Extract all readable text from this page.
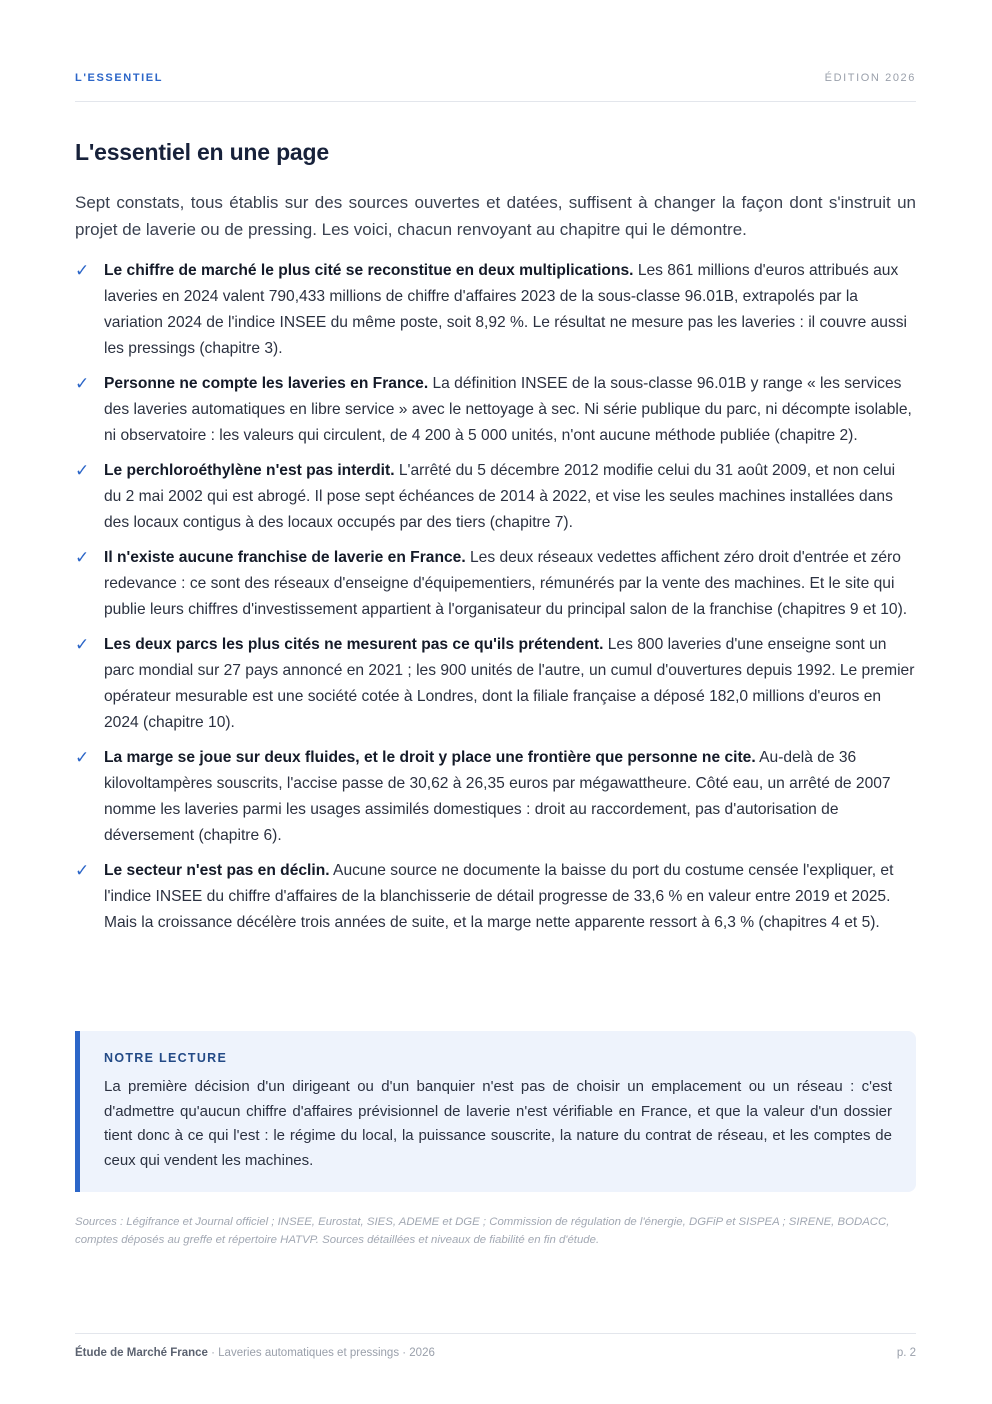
L'ESSENTIEL	ÉDITION 2026
L'essentiel en une page

Sept constats, tous établis sur des sources ouvertes et datées, suffisent à changer la façon dont s'instruit un projet de laverie ou de pressing. Les voici, chacun renvoyant au chapitre qui le démontre.

✓ Le chiffre de marché le plus cité se reconstitue en deux multiplications. Les 861 millions d'euros attribués aux laveries en 2024 valent 790,433 millions de chiffre d'affaires 2023 de la sous-classe 96.01B, extrapolés par la variation 2024 de l'indice INSEE du même poste, soit 8,92 %. Le résultat ne mesure pas les laveries : il couvre aussi les pressings (chapitre 3).

✓ Personne ne compte les laveries en France. La définition INSEE de la sous-classe 96.01B y range « les services des laveries automatiques en libre service » avec le nettoyage à sec. Ni série publique du parc, ni décompte isolable, ni observatoire : les valeurs qui circulent, de 4 200 à 5 000 unités, n'ont aucune méthode publiée (chapitre 2).

✓ Le perchloroéthylène n'est pas interdit. L'arrêté du 5 décembre 2012 modifie celui du 31 août 2009, et non celui du 2 mai 2002 qui est abrogé. Il pose sept échéances de 2014 à 2022, et vise les seules machines installées dans des locaux contigus à des locaux occupés par des tiers (chapitre 7).

✓ Il n'existe aucune franchise de laverie en France. Les deux réseaux vedettes affichent zéro droit d'entrée et zéro redevance : ce sont des réseaux d'enseigne d'équipementiers, rémunérés par la vente des machines. Et le site qui publie leurs chiffres d'investissement appartient à l'organisateur du principal salon de la franchise (chapitres 9 et 10).

✓ Les deux parcs les plus cités ne mesurent pas ce qu'ils prétendent. Les 800 laveries d'une enseigne sont un parc mondial sur 27 pays annoncé en 2021 ; les 900 unités de l'autre, un cumul d'ouvertures depuis 1992. Le premier opérateur mesurable est une société cotée à Londres, dont la filiale française a déposé 182,0 millions d'euros en 2024 (chapitre 10).

✓ La marge se joue sur deux fluides, et le droit y place une frontière que personne ne cite. Au-delà de 36 kilovoltampères souscrits, l'accise passe de 30,62 à 26,35 euros par mégawattheure. Côté eau, un arrêté de 2007 nomme les laveries parmi les usages assimilés domestiques : droit au raccordement, pas d'autorisation de déversement (chapitre 6).

✓ Le secteur n'est pas en déclin. Aucune source ne documente la baisse du port du costume censée l'expliquer, et l'indice INSEE du chiffre d'affaires de la blanchisserie de détail progresse de 33,6 % en valeur entre 2019 et 2025. Mais la croissance décélère trois années de suite, et la marge nette apparente ressort à 6,3 % (chapitres 4 et 5).

NOTRE LECTURE

La première décision d'un dirigeant ou d'un banquier n'est pas de choisir un emplacement ou un réseau : c'est d'admettre qu'aucun chiffre d'affaires prévisionnel de laverie n'est vérifiable en France, et que la valeur d'un dossier tient donc à ce qui l'est : le régime du local, la puissance souscrite, la nature du contrat de réseau, et les comptes de ceux qui vendent les machines.

Sources : Légifrance et Journal officiel ; INSEE, Eurostat, SIES, ADEME et DGE ; Commission de régulation de l'énergie, DGFiP et SISPEA ; SIRENE, BODACC, comptes déposés au greffe et répertoire HATVP. Sources détaillées et niveaux de fiabilité en fin d'étude.

Étude de Marché France · Laveries automatiques et pressings · 2026	p. 2
